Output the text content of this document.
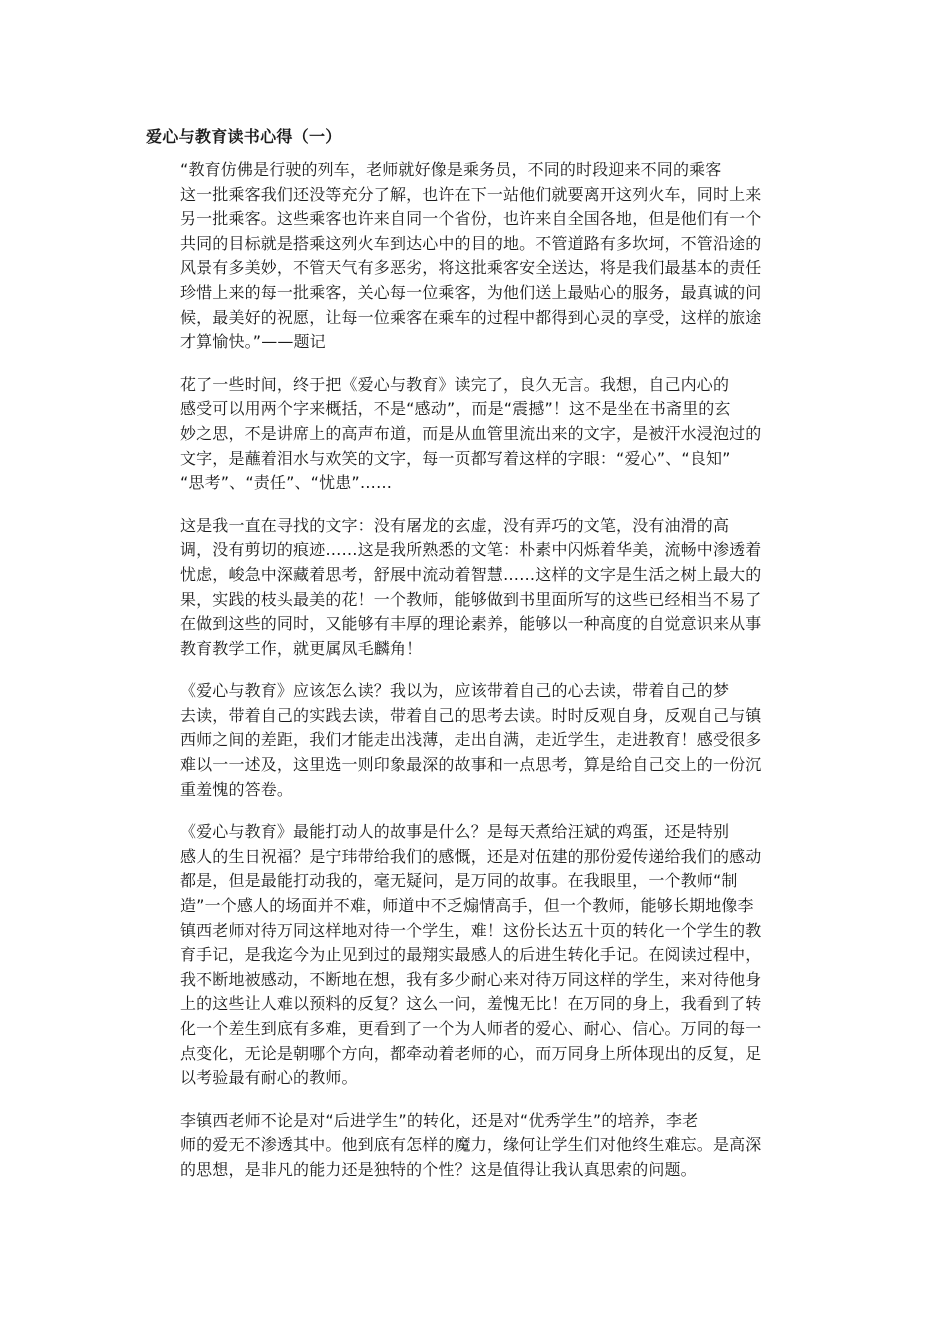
爱心与教育读书心得（一）
“教育仿佛是行驶的列车，老师就好像是乘务员，不同的时段迎来不同的乘客
这一批乘客我们还没等充分了解，也许在下一站他们就要离开这列火车，同时上来
另一批乘客。这些乘客也许来自同一个省份，也许来自全国各地，但是他们有一个
共同的目标就是搭乘这列火车到达心中的目的地。不管道路有多坎坷，不管沿途的
风景有多美妙，不管天气有多恶劣，将这批乘客安全送达，将是我们最基本的责任
珍惜上来的每一批乘客，关心每一位乘客，为他们送上最贴心的服务，最真诚的问
候，最美好的祝愿，让每一位乘客在乘车的过程中都得到心灵的享受，这样的旅途
才算愉快。”——题记
花了一些时间，终于把《爱心与教育》读完了，良久无言。我想，自己内心的
感受可以用两个字来概括，不是“感动”，而是“震撼”！这不是坐在书斋里的玄
妙之思，不是讲席上的高声布道，而是从血管里流出来的文字，是被汗水浸泡过的
文字，是蘸着泪水与欢笑的文字，每一页都写着这样的字眼：“爱心”、“良知”
“思考”、“责任”、“忧患”……
这是我一直在寻找的文字：没有屠龙的玄虚，没有弄巧的文笔，没有油滑的高
调，没有剪切的痕迹……这是我所熟悉的文笔：朴素中闪烁着华美，流畅中渗透着
忧虑，峻急中深藏着思考，舒展中流动着智慧……这样的文字是生活之树上最大的
果，实践的枝头最美的花！一个教师，能够做到书里面所写的这些已经相当不易了
在做到这些的同时，又能够有丰厚的理论素养，能够以一种高度的自觉意识来从事
教育教学工作，就更属凤毛麟角！
《爱心与教育》应该怎么读？我以为，应该带着自己的心去读，带着自己的梦
去读，带着自己的实践去读，带着自己的思考去读。时时反观自身，反观自己与镇
西师之间的差距，我们才能走出浅薄，走出自满，走近学生，走进教育！感受很多
难以一一述及，这里选一则印象最深的故事和一点思考，算是给自己交上的一份沉
重羞愧的答卷。
《爱心与教育》最能打动人的故事是什么？是每天煮给汪斌的鸡蛋，还是特别
感人的生日祝福？是宁玮带给我们的感慨，还是对伍建的那份爱传递给我们的感动
都是，但是最能打动我的，毫无疑问，是万同的故事。在我眼里，一个教师“制
造”一个感人的场面并不难，师道中不乏煽情高手，但一个教师，能够长期地像李
镇西老师对待万同这样地对待一个学生，难！这份长达五十页的转化一个学生的教
育手记，是我迄今为止见到过的最翔实最感人的后进生转化手记。在阅读过程中，
我不断地被感动，不断地在想，我有多少耐心来对待万同这样的学生，来对待他身
上的这些让人难以预料的反复？这么一问，羞愧无比！在万同的身上，我看到了转
化一个差生到底有多难，更看到了一个为人师者的爱心、耐心、信心。万同的每一
点变化，无论是朝哪个方向，都牵动着老师的心，而万同身上所体现出的反复，足
以考验最有耐心的教师。
李镇西老师不论是对“后进学生”的转化，还是对“优秀学生”的培养，李老
师的爱无不渗透其中。他到底有怎样的魔力，缘何让学生们对他终生难忘。是高深
的思想，是非凡的能力还是独特的个性？这是值得让我认真思索的问题。
